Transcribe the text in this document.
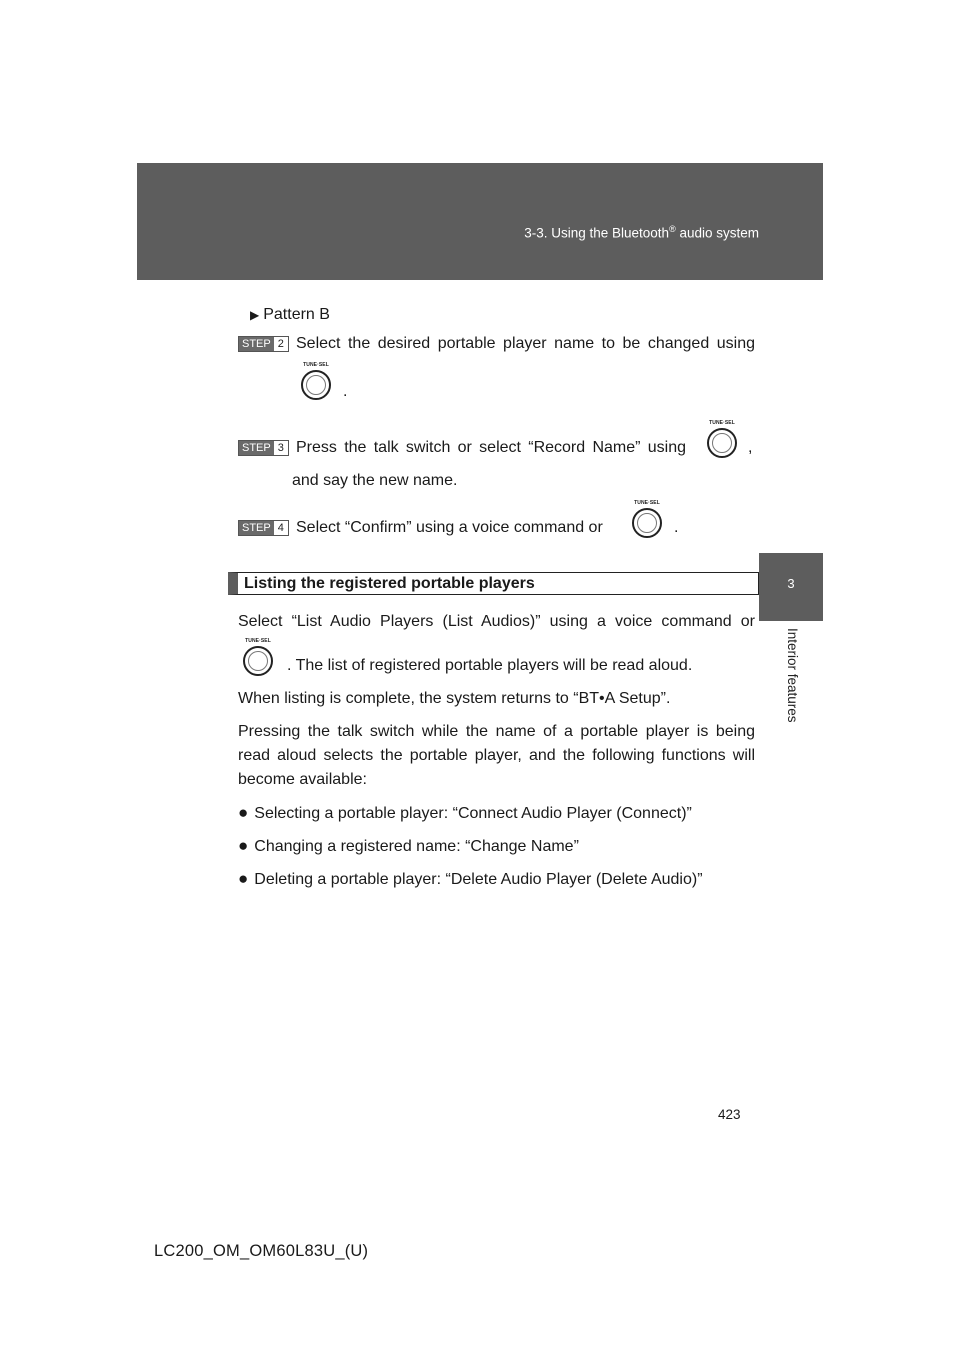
3-3. Using the Bluetooth® audio system
3
Interior features
▶ Pattern B
STEP 2 Select the desired portable player name to be changed using
TUNE·SEL
.
STEP 3 Press the talk switch or select “Record Name” using
TUNE·SEL
,
and say the new name.
STEP 4 Select “Confirm” using a voice command or
TUNE·SEL
.
Listing the registered portable players
Select “List Audio Players (List Audios)” using a voice command or
TUNE·SEL
. The list of registered portable players will be read aloud.
When listing is complete, the system returns to “BT•A Setup”.
Pressing the talk switch while the name of a portable player is being
read aloud selects the portable player, and the following functions will
become available:
● Selecting a portable player: “Connect Audio Player (Connect)”
● Changing a registered name: “Change Name”
● Deleting a portable player: “Delete Audio Player (Delete Audio)”
423
LC200_OM_OM60L83U_(U)
